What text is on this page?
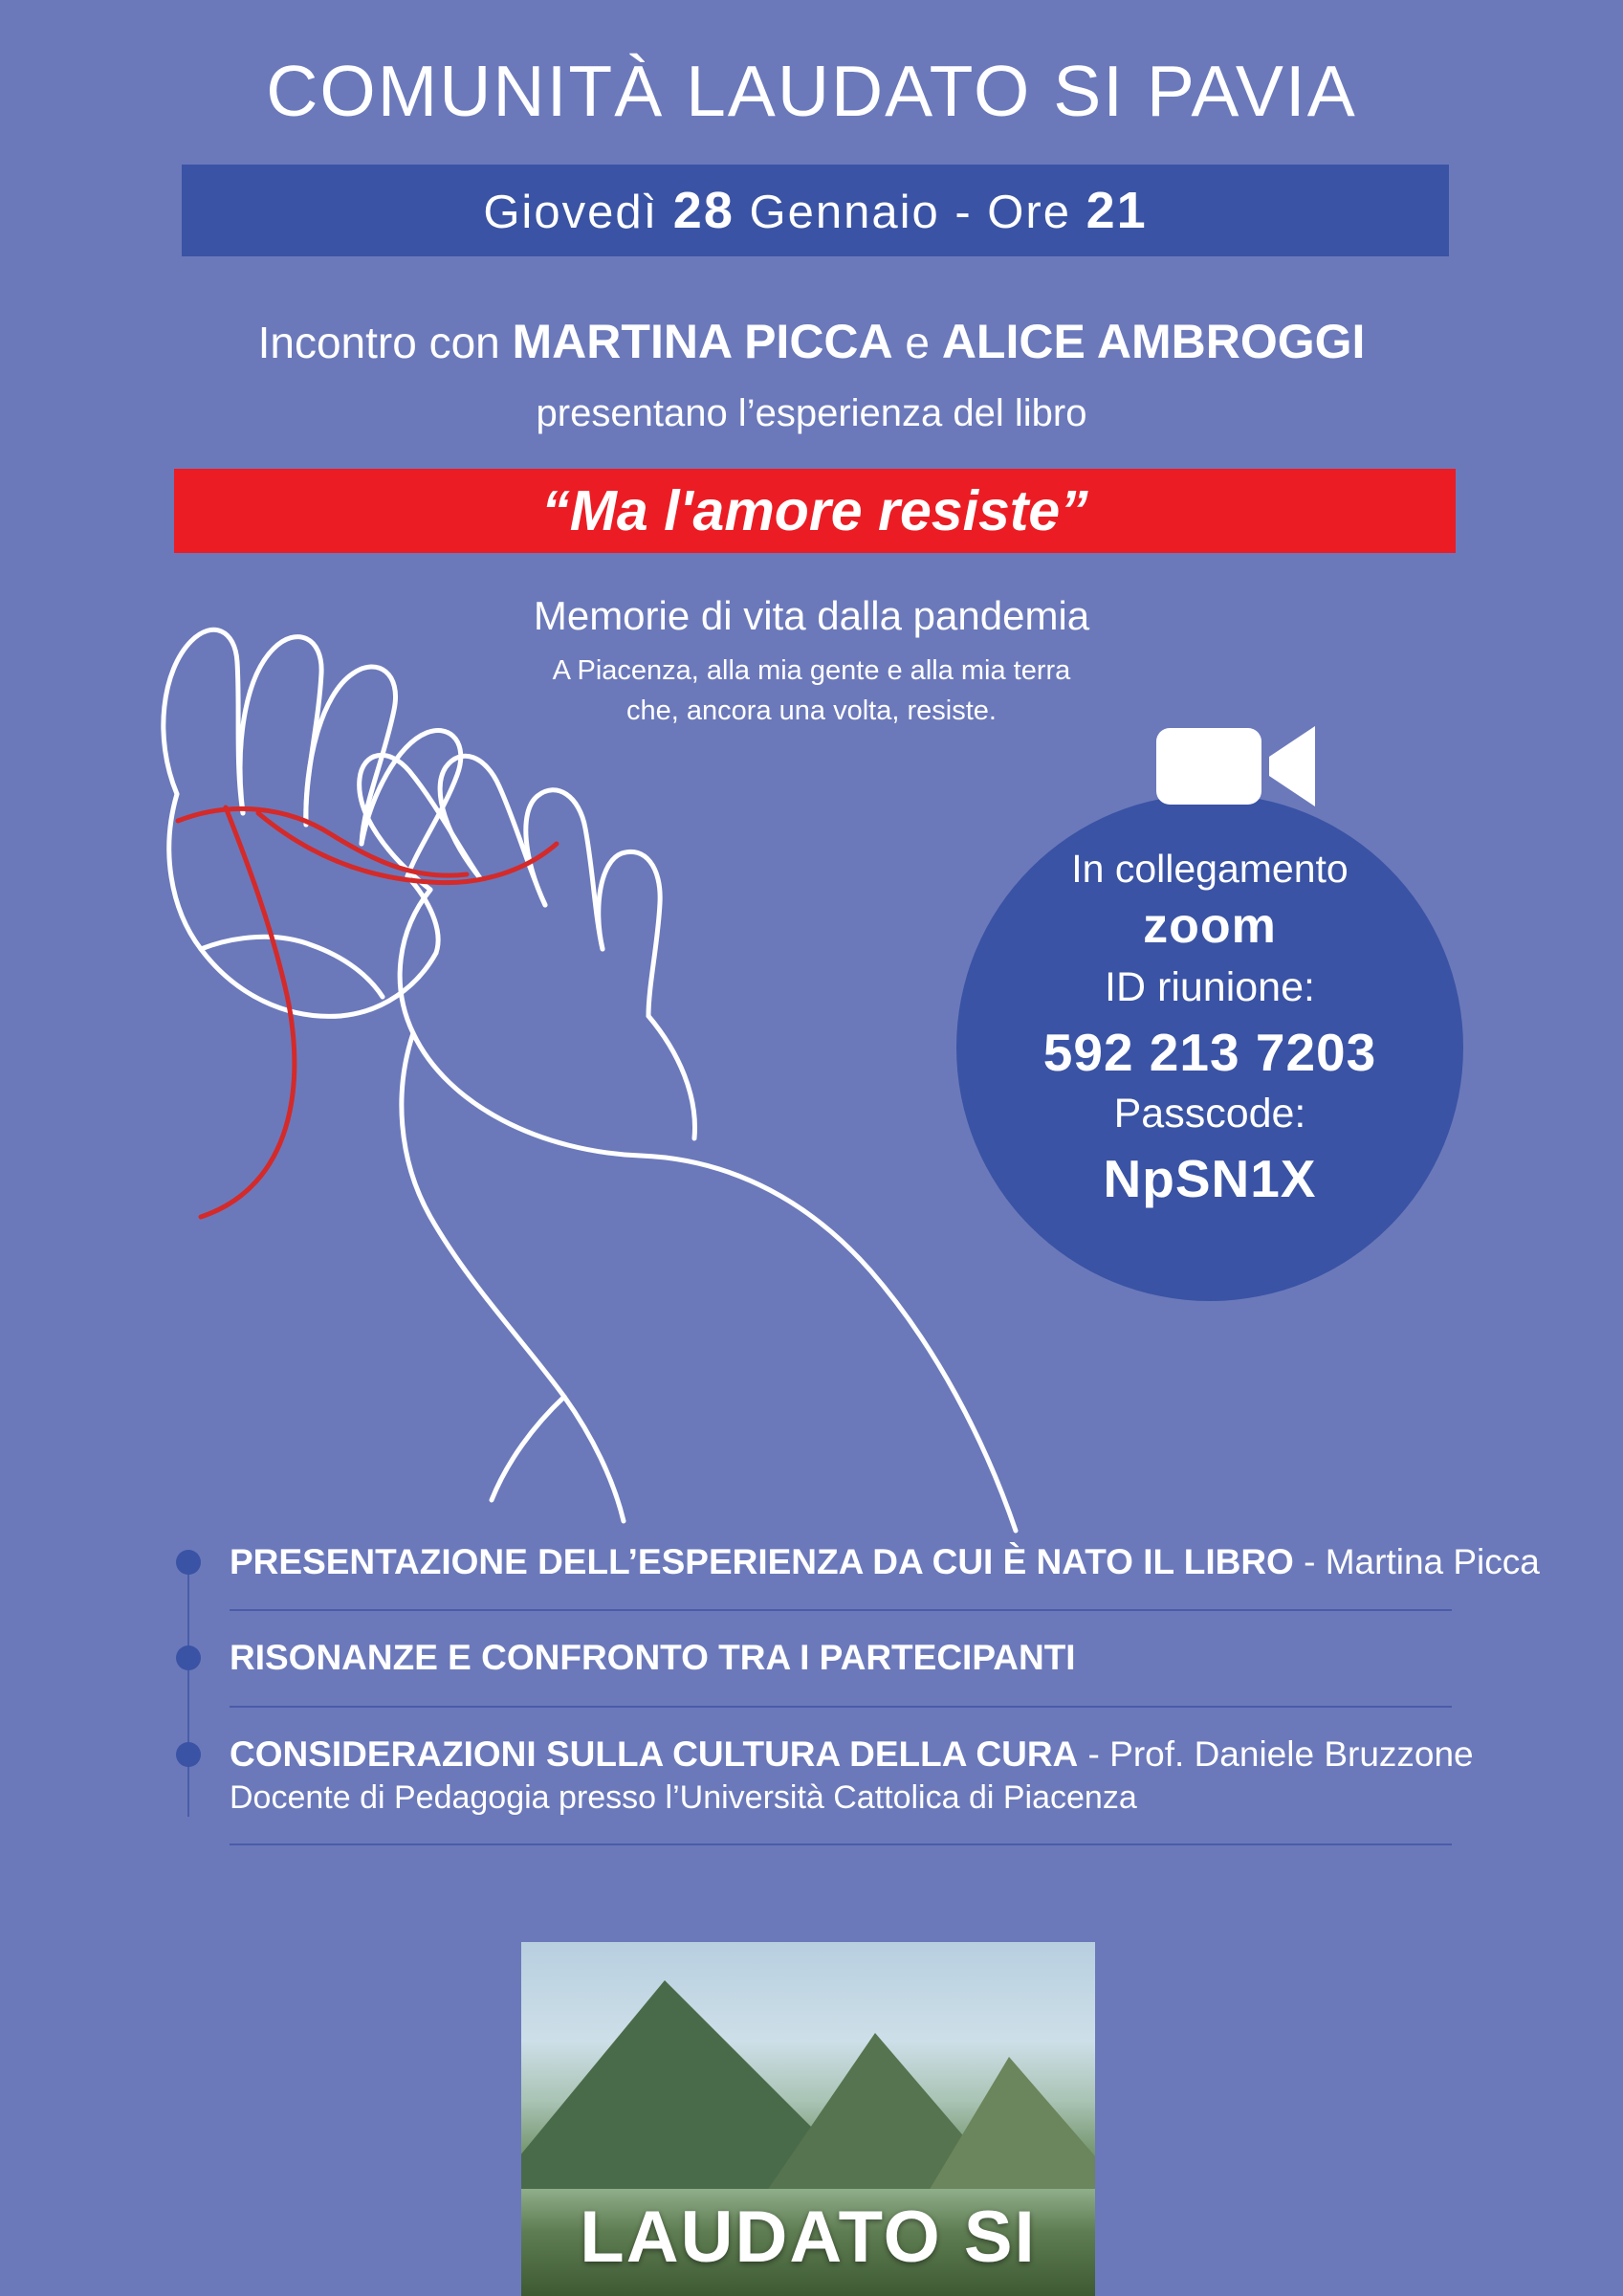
COMUNITÀ LAUDATO SI PAVIA
Giovedì 28 Gennaio - Ore 21
Incontro con MARTINA PICCA e ALICE AMBROGGI
presentano l’esperienza del libro
“Ma l'amore resiste”
Memorie di vita dalla pandemia
A Piacenza, alla mia gente e alla mia terra
che, ancora una volta, resiste.
In collegamento
zoom
ID riunione:
592 213 7203
Passcode:
NpSN1X
PRESENTAZIONE DELL’ESPERIENZA DA CUI È NATO IL LIBRO - Martina Picca
RISONANZE E CONFRONTO TRA I PARTECIPANTI
CONSIDERAZIONI SULLA CULTURA DELLA CURA - Prof. Daniele Bruzzone
Docente di Pedagogia presso l’Università Cattolica di Piacenza
LAUDATO SI
